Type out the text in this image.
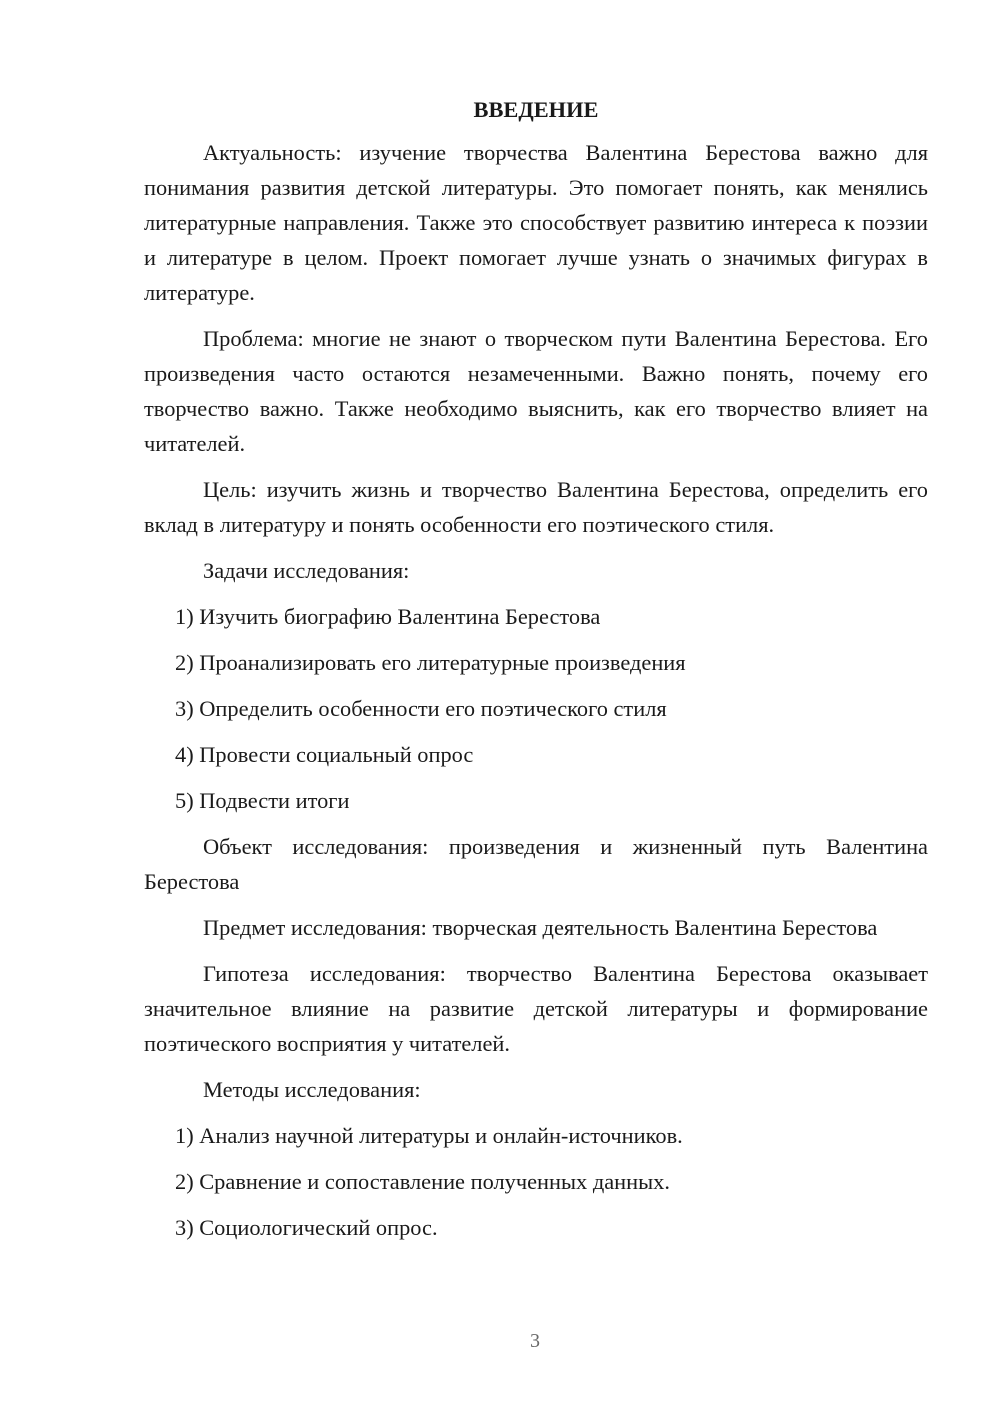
ВВЕДЕНИЕ

Актуальность: изучение творчества Валентина Берестова важно для понимания развития детской литературы. Это помогает понять, как менялись литературные направления. Также это способствует развитию интереса к поэзии и литературе в целом. Проект помогает лучше узнать о значимых фигурах в литературе.

Проблема: многие не знают о творческом пути Валентина Берестова. Его произведения часто остаются незамеченными. Важно понять, почему его творчество важно. Также необходимо выяснить, как его творчество влияет на читателей.

Цель: изучить жизнь и творчество Валентина Берестова, определить его вклад в литературу и понять особенности его поэтического стиля.

Задачи исследования:

1) Изучить биографию Валентина Берестова
2) Проанализировать его литературные произведения
3) Определить особенности его поэтического стиля
4) Провести социальный опрос
5) Подвести итоги

Объект исследования: произведения и жизненный путь Валентина Берестова

Предмет исследования: творческая деятельность Валентина Берестова

Гипотеза исследования: творчество Валентина Берестова оказывает значительное влияние на развитие детской литературы и формирование поэтического восприятия у читателей.

Методы исследования:

1) Анализ научной литературы и онлайн-источников.
2) Сравнение и сопоставление полученных данных.
3) Социологический опрос.
3
